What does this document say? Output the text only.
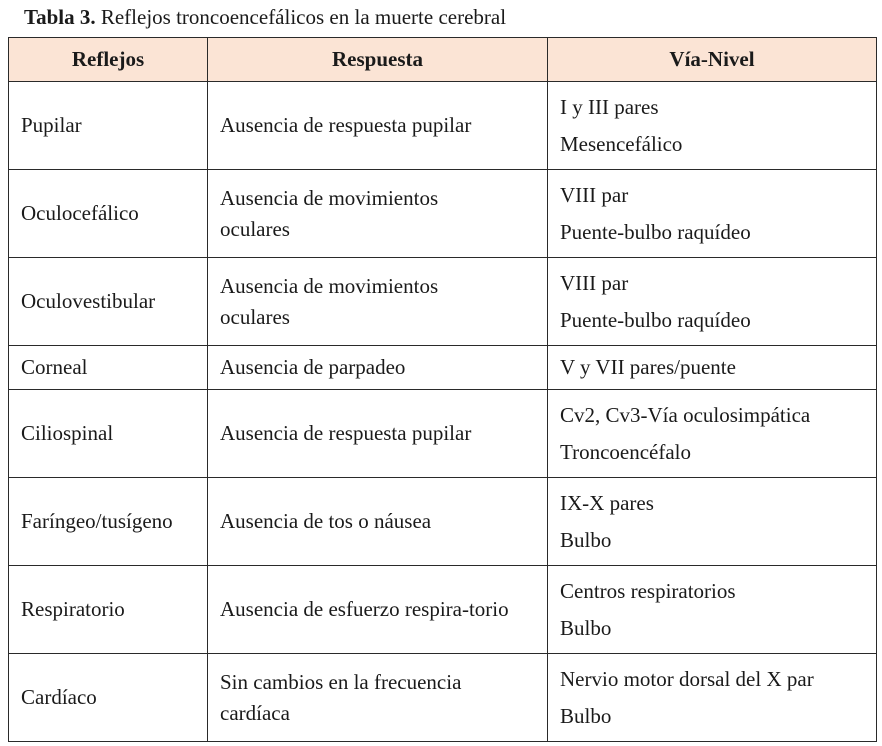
Tabla 3. Reflejos troncoencefálicos en la muerte cerebral
Reflejos	Respuesta	Vía-Nivel
Pupilar	Ausencia de respuesta pupilar	I y III pares
Mesencefálico

Oculocefálico	Ausencia de movimientos oculares	VIII par
Puente-bulbo raquídeo

Oculovestibular	Ausencia de movimientos oculares	VIII par
Puente-bulbo raquídeo

Corneal	Ausencia de parpadeo	V y VII pares/puente

Ciliospinal	Ausencia de respuesta pupilar	Cv2, Cv3-Vía oculosimpática
Troncoencéfalo

Faríngeo/tusígeno	Ausencia de tos o náusea	IX-X pares
Bulbo

Respiratorio	Ausencia de esfuerzo respira-torio	Centros respiratorios
Bulbo

Cardíaco	Sin cambios en la frecuencia cardíaca	Nervio motor dorsal del X par
Bulbo
